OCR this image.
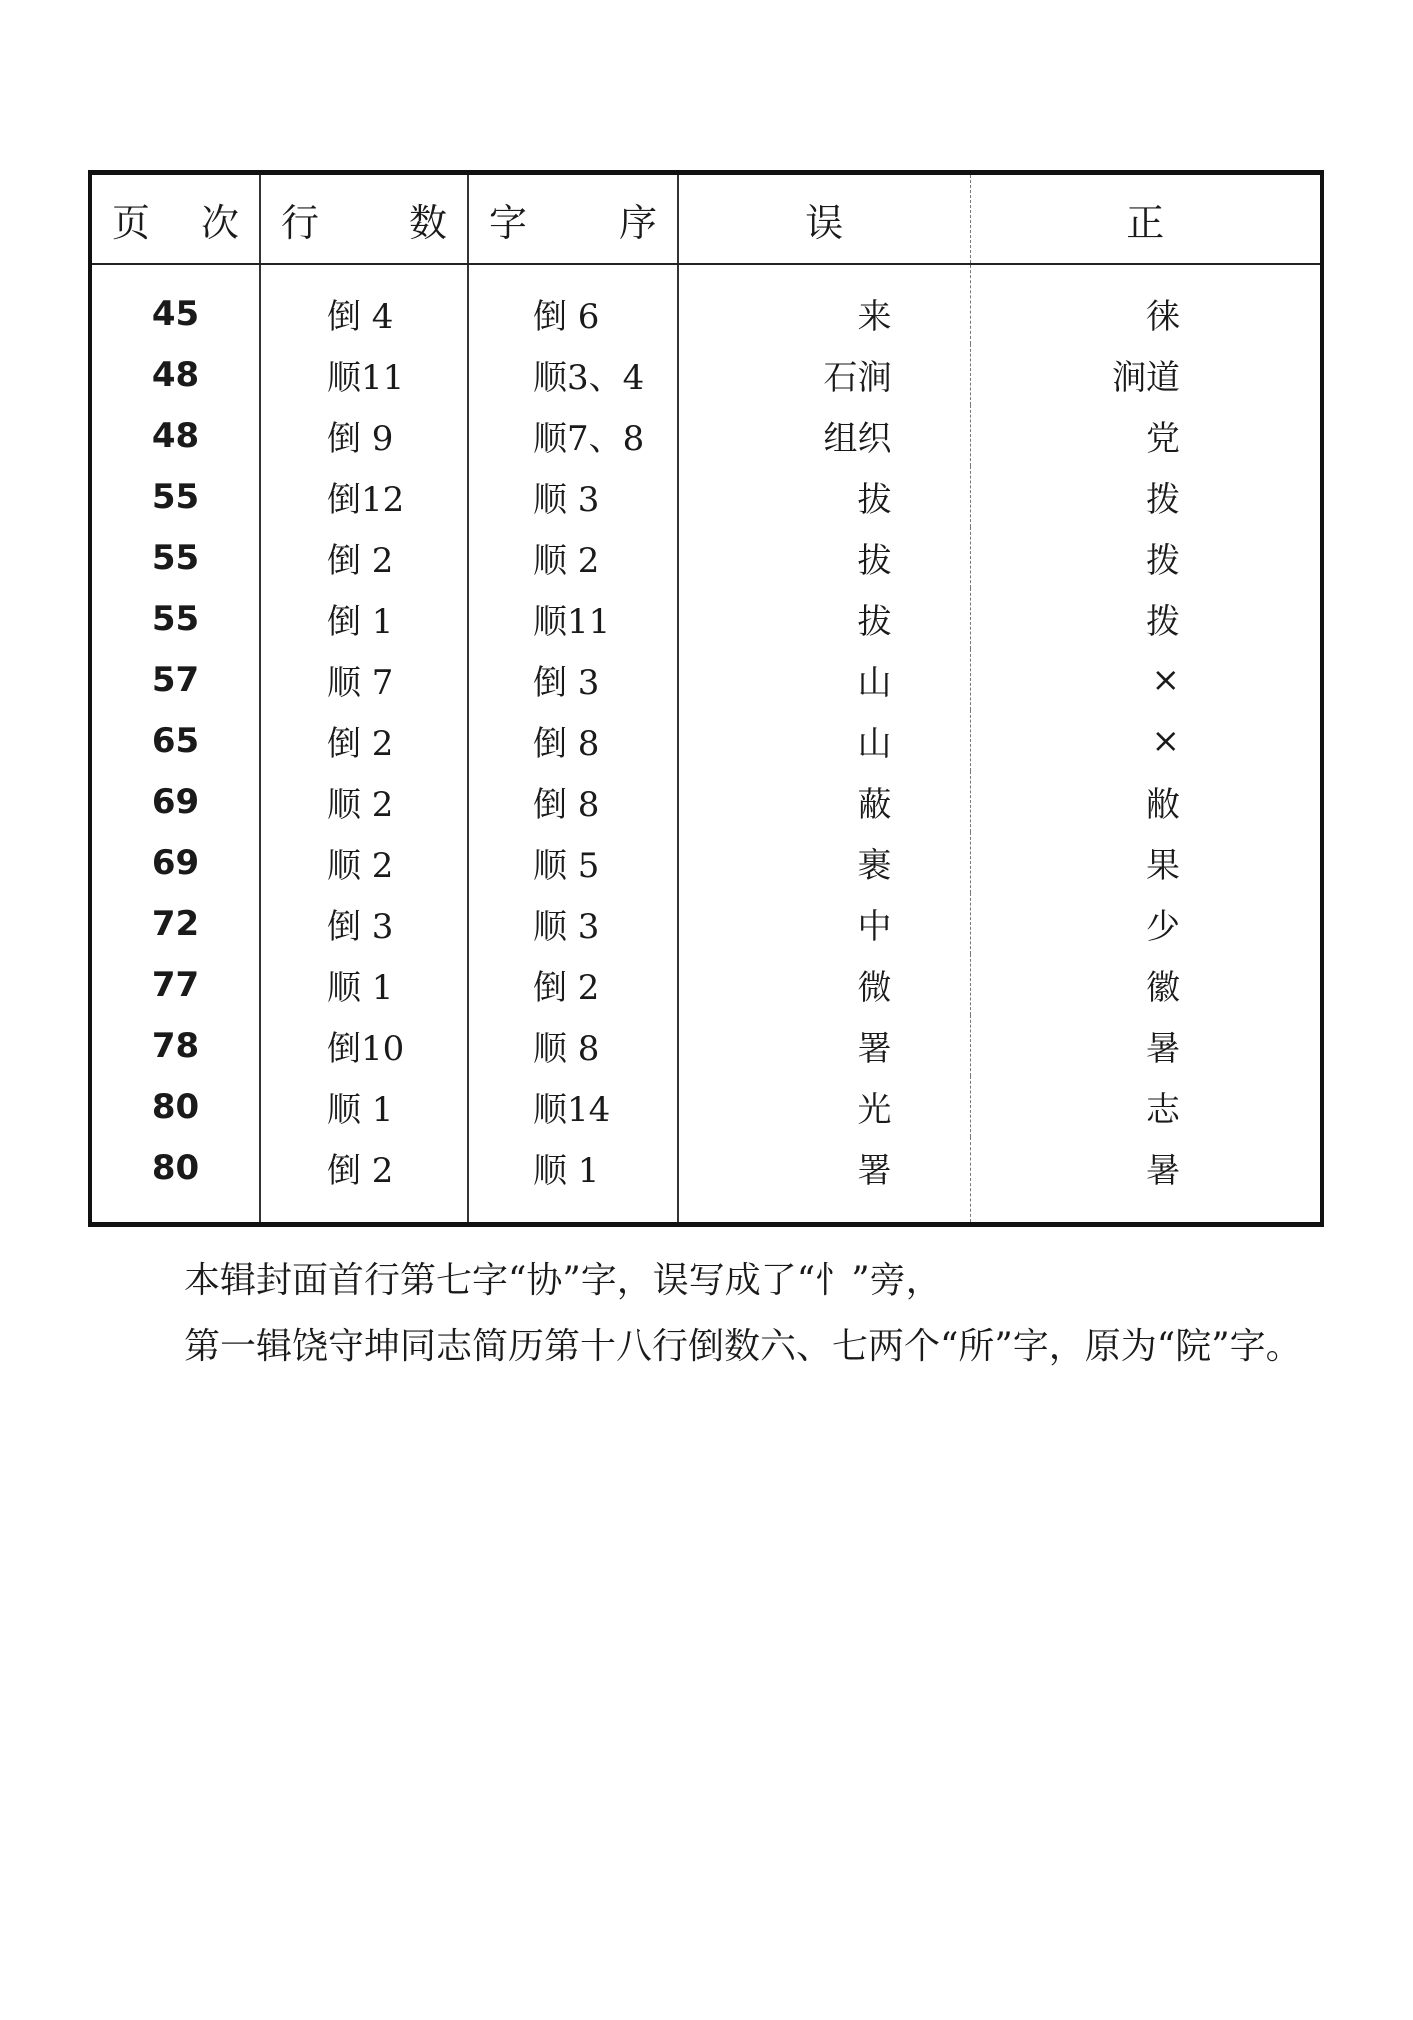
页　次	行　　数	字　　序	误	正
45	倒 4	倒 6	来	徕
48	顺11	顺3、4	石涧	涧道
48	倒 9	顺7、8	组织	党
55	倒12	顺 3	拔	拨
55	倒 2	顺 2	拔	拨
55	倒 1	顺11	拔	拨
57	顺 7	倒 3	山	×
65	倒 2	倒 8	山	×
69	顺 2	倒 8	蔽	敝
69	顺 2	顺 5	裹	果
72	倒 3	顺 3	中	少
77	顺 1	倒 2	微	徽
78	倒10	顺 8	署	暑
80	顺 1	顺14	光	志
80	倒 2	顺 1	署	暑

本辑封面首行第七字“协”字，误写成了“忄”旁，

第一辑饶守坤同志简历第十八行倒数六、七两个“所”字，原为“院”字。
